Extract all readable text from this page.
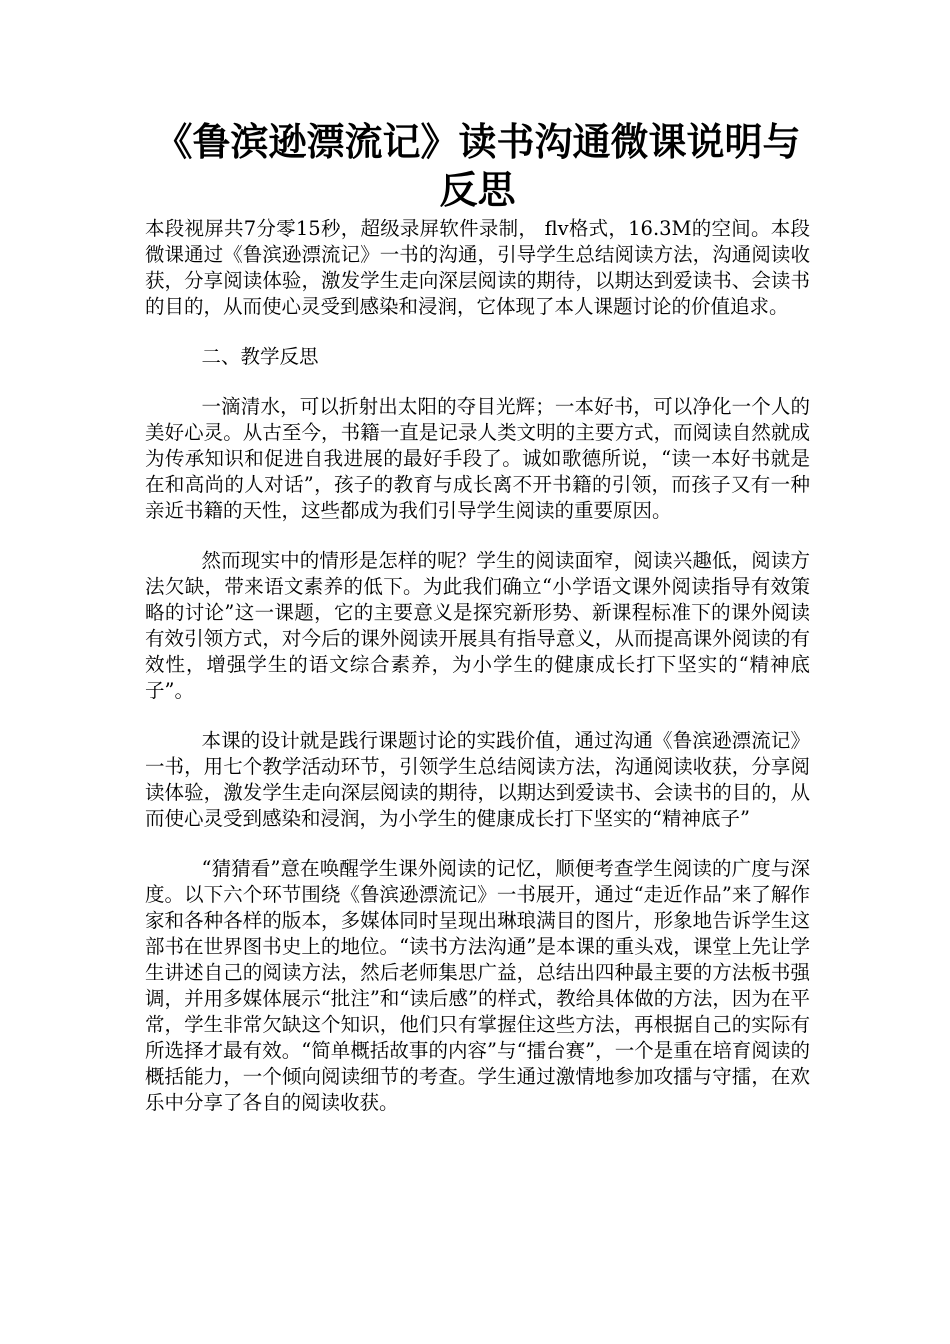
《鲁滨逊漂流记》读书沟通微课说明与反思

本段视屏共7分零15秒，超级录屏软件录制， flv格式，16.3M的空间。本段微课通过《鲁滨逊漂流记》一书的沟通，引导学生总结阅读方法，沟通阅读收获，分享阅读体验，激发学生走向深层阅读的期待，以期达到爱读书、会读书的目的，从而使心灵受到感染和浸润，它体现了本人课题讨论的价值追求。

二、教学反思

一滴清水，可以折射出太阳的夺目光辉；一本好书，可以净化一个人的美好心灵。从古至今，书籍一直是记录人类文明的主要方式，而阅读自然就成为传承知识和促进自我进展的最好手段了。诚如歌德所说，“读一本好书就是在和高尚的人对话”，孩子的教育与成长离不开书籍的引领，而孩子又有一种亲近书籍的天性，这些都成为我们引导学生阅读的重要原因。

然而现实中的情形是怎样的呢？学生的阅读面窄，阅读兴趣低，阅读方法欠缺，带来语文素养的低下。为此我们确立“小学语文课外阅读指导有效策略的讨论”这一课题，它的主要意义是探究新形势、新课程标准下的课外阅读有效引领方式，对今后的课外阅读开展具有指导意义，从而提高课外阅读的有效性，增强学生的语文综合素养，为小学生的健康成长打下坚实的“精神底子”。

本课的设计就是践行课题讨论的实践价值，通过沟通《鲁滨逊漂流记》一书，用七个教学活动环节，引领学生总结阅读方法，沟通阅读收获，分享阅读体验，激发学生走向深层阅读的期待，以期达到爱读书、会读书的目的，从而使心灵受到感染和浸润，为小学生的健康成长打下坚实的“精神底子”

“猜猜看”意在唤醒学生课外阅读的记忆，顺便考查学生阅读的广度与深度。以下六个环节围绕《鲁滨逊漂流记》一书展开，通过“走近作品”来了解作家和各种各样的版本，多媒体同时呈现出琳琅满目的图片，形象地告诉学生这部书在世界图书史上的地位。“读书方法沟通”是本课的重头戏，课堂上先让学生讲述自己的阅读方法，然后老师集思广益，总结出四种最主要的方法板书强调，并用多媒体展示“批注”和“读后感”的样式，教给具体做的方法，因为在平常，学生非常欠缺这个知识，他们只有掌握住这些方法，再根据自己的实际有所选择才最有效。“简单概括故事的内容”与“擂台赛”，一个是重在培育阅读的概括能力，一个倾向阅读细节的考查。学生通过激情地参加攻擂与守擂，在欢乐中分享了各自的阅读收获。
